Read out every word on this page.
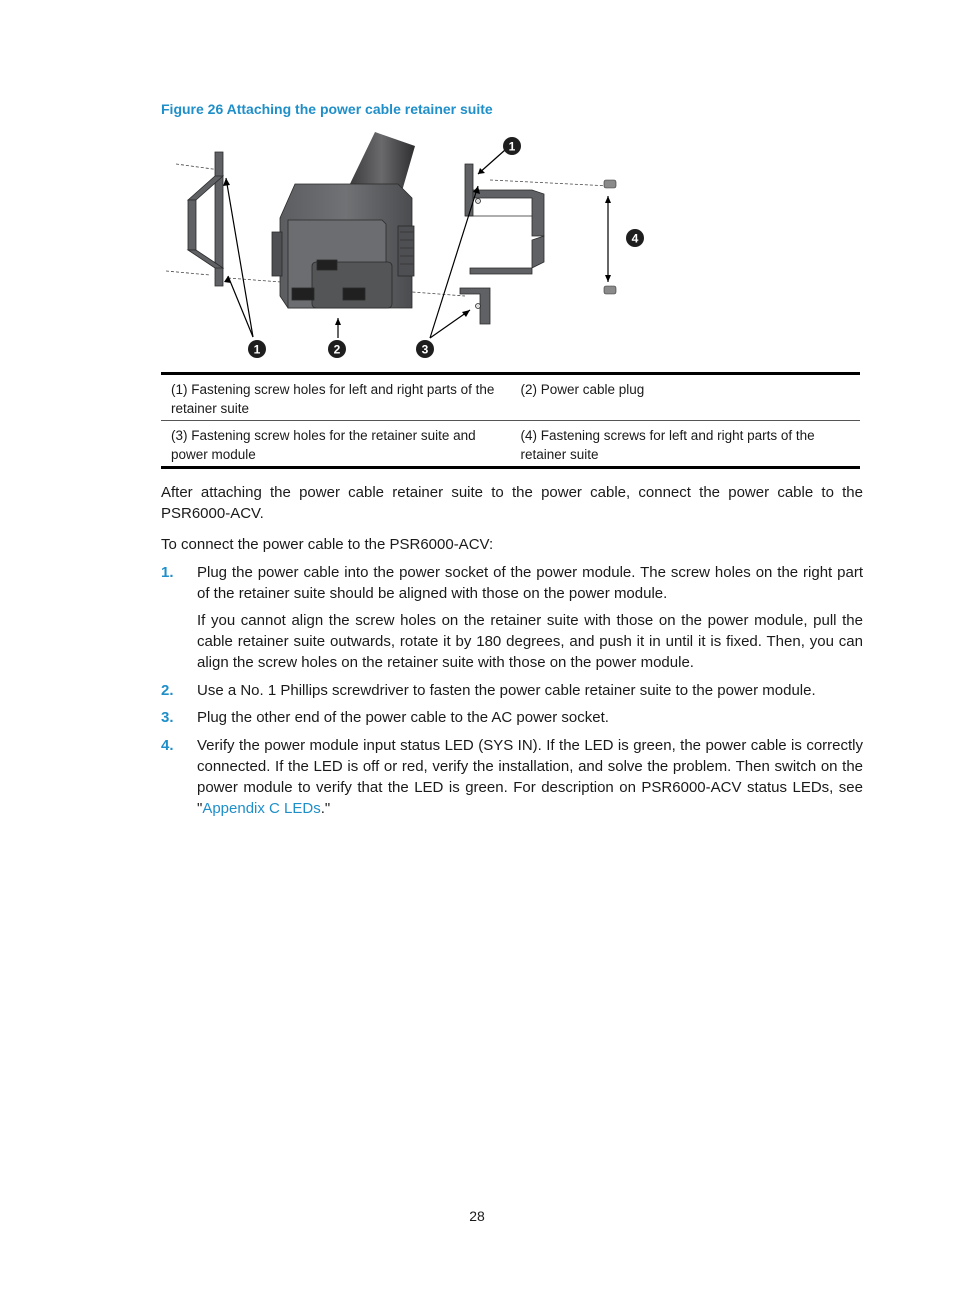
Figure 26 Attaching the power cable retainer suite
1	2	3
1
4
(1) Fastening screw holes for left and right parts of the retainer suite	(2) Power cable plug
(3) Fastening screw holes for the retainer suite and power module	(4) Fastening screws for left and right parts of the retainer suite
After attaching the power cable retainer suite to the power cable, connect the power cable to the PSR6000-ACV.
To connect the power cable to the PSR6000-ACV:
1. Plug the power cable into the power socket of the power module. The screw holes on the right part of the retainer suite should be aligned with those on the power module.
If you cannot align the screw holes on the retainer suite with those on the power module, pull the cable retainer suite outwards, rotate it by 180 degrees, and push it in until it is fixed. Then, you can align the screw holes on the retainer suite with those on the power module.
2. Use a No. 1 Phillips screwdriver to fasten the power cable retainer suite to the power module.
3. Plug the other end of the power cable to the AC power socket.
4. Verify the power module input status LED (SYS IN). If the LED is green, the power cable is correctly connected. If the LED is off or red, verify the installation, and solve the problem. Then switch on the power module to verify that the LED is green. For description on PSR6000-ACV status LEDs, see "Appendix C LEDs."
28
